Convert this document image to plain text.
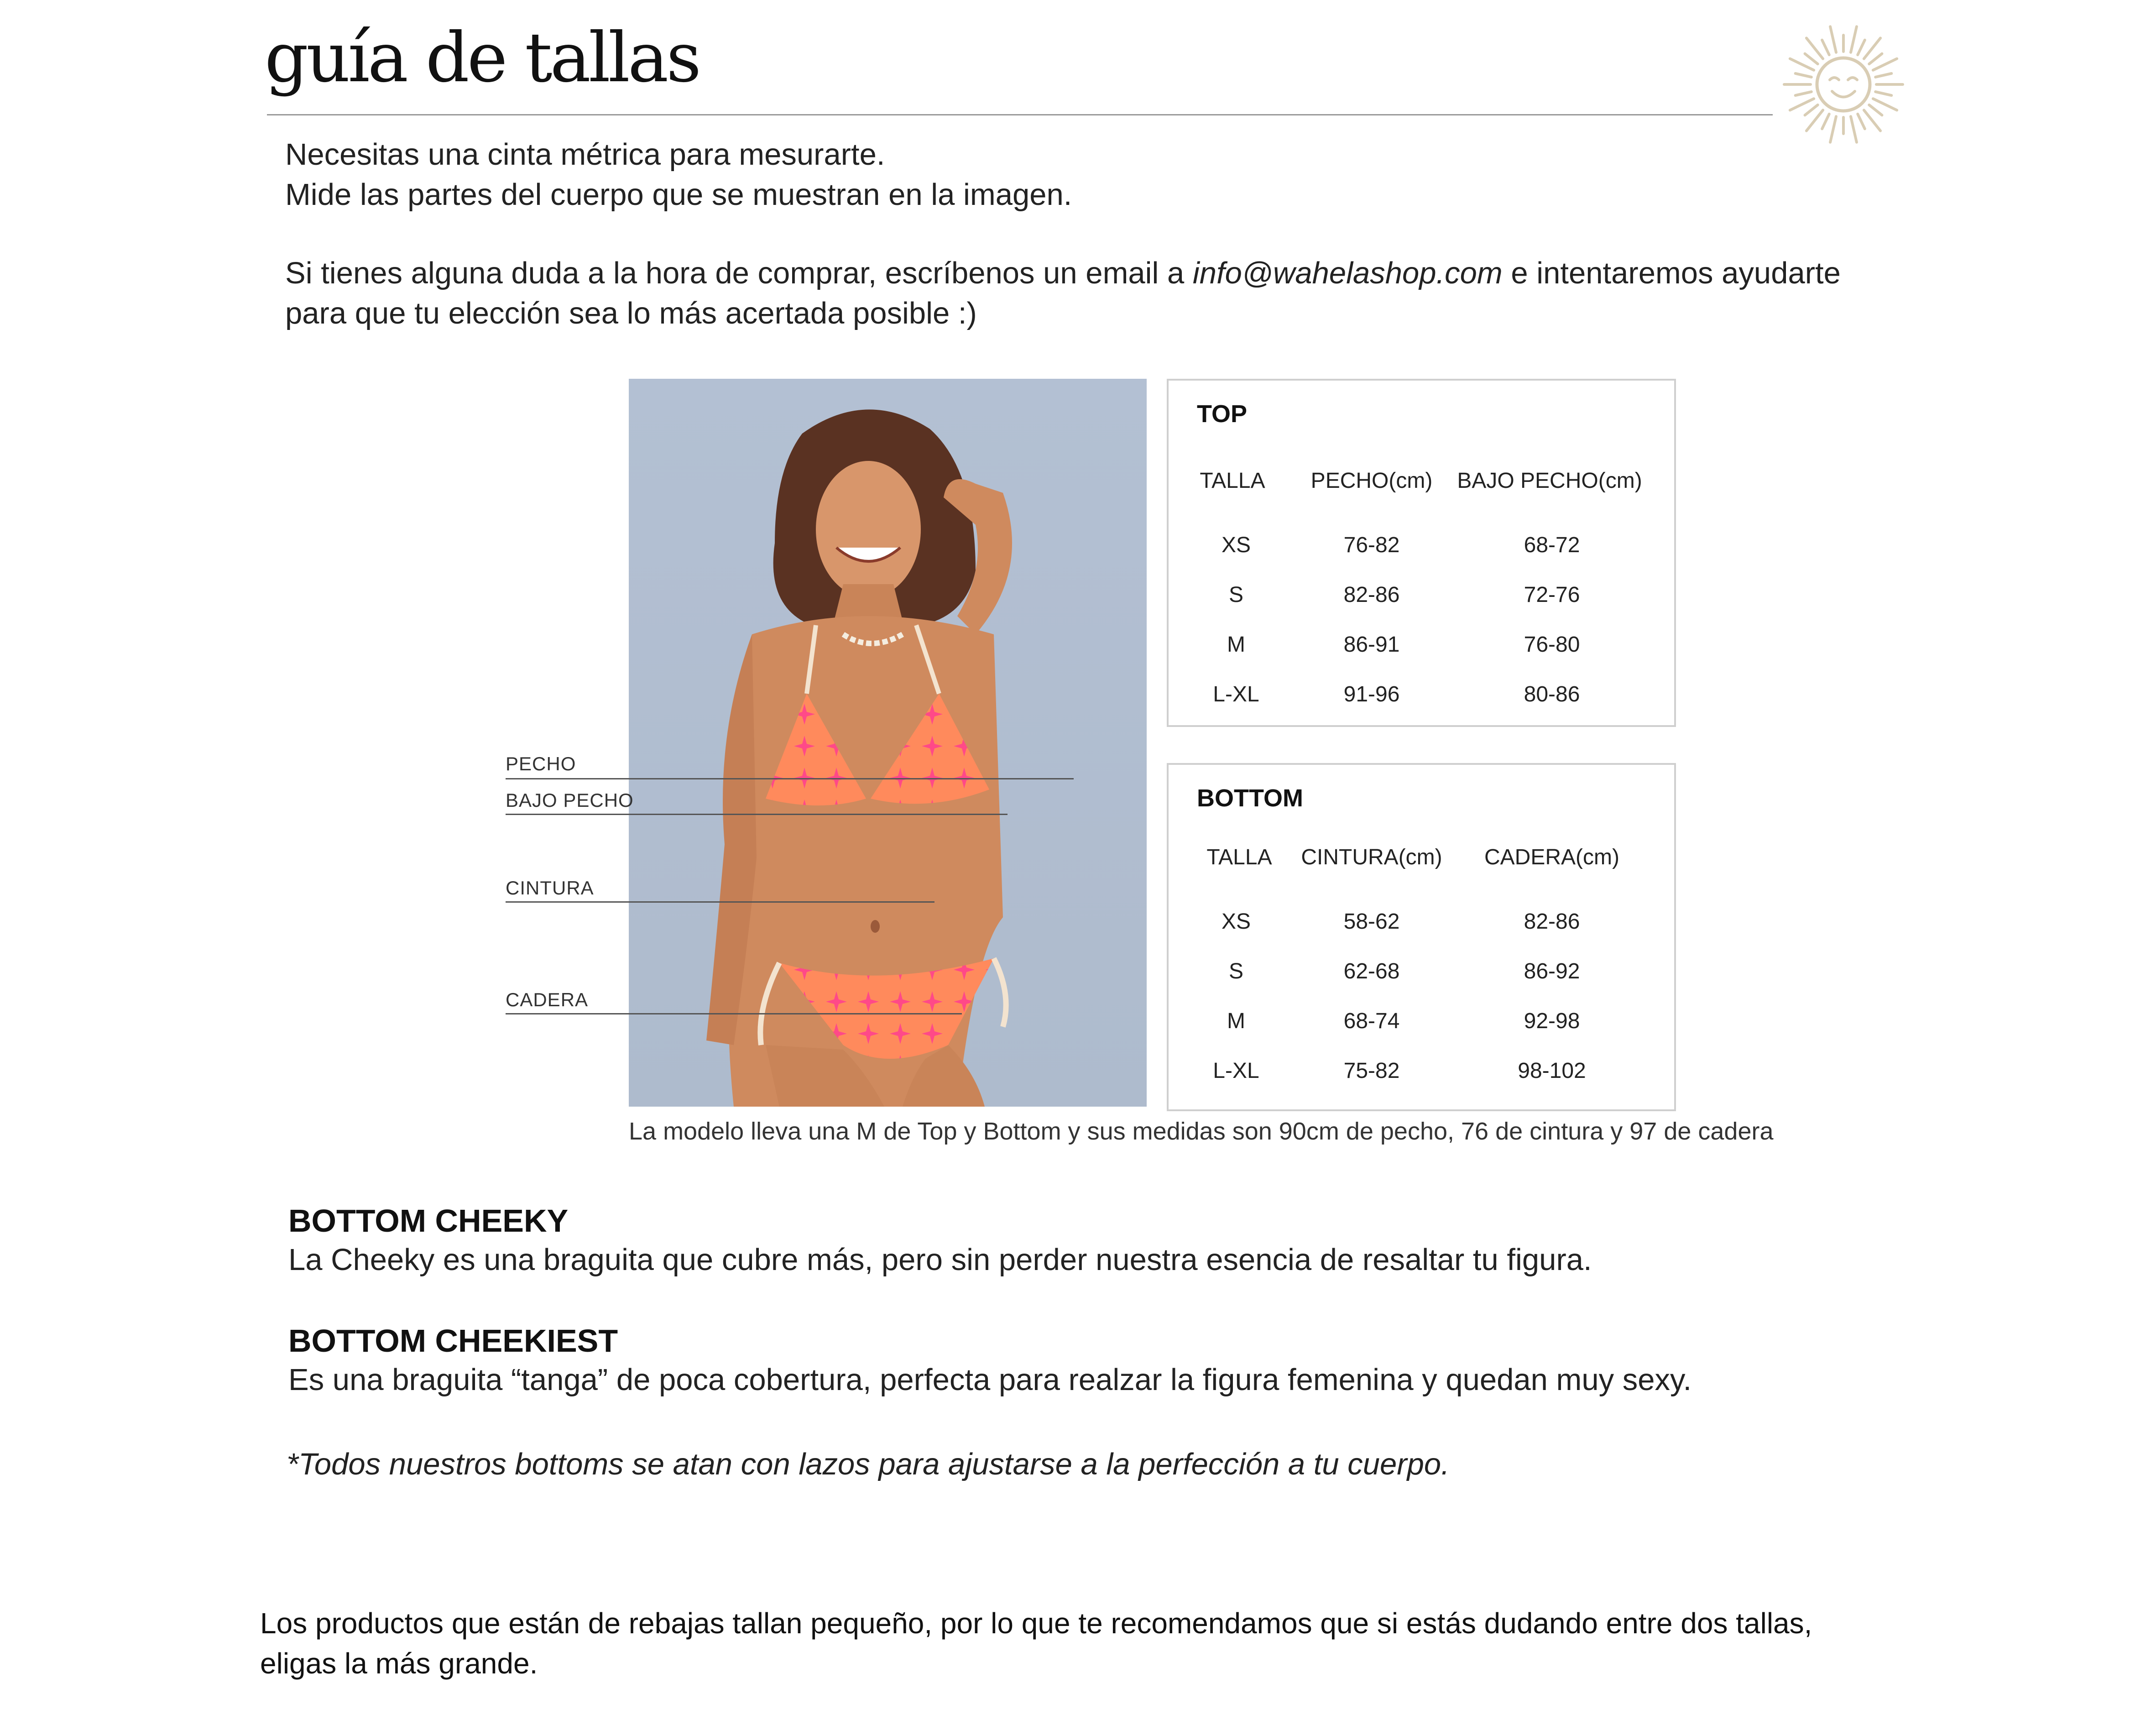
guía de tallas
Necesitas una cinta métrica para mesurarte.
Mide las partes del cuerpo que se muestran en la imagen.
Si tienes alguna duda a la hora de comprar, escríbenos un email a info@wahelashop.com e intentaremos ayudarte
para que tu elección sea lo más acertada posible :)
PECHO
BAJO PECHO
CINTURA
CADERA
TOP
TALLA PECHO(cm) BAJO PECHO(cm)
XS	76-82	68-72
S	82-86	72-76
M	86-91	76-80
L-XL	91-96	80-86
BOTTOM
TALLA CINTURA(cm) CADERA(cm)
XS	58-62	82-86
S	62-68	86-92
M	68-74	92-98
L-XL	75-82	98-102
La modelo lleva una M de Top y Bottom y sus medidas son 90cm de pecho, 76 de cintura y 97 de cadera
BOTTOM CHEEKY
La Cheeky es una braguita que cubre más, pero sin perder nuestra esencia de resaltar tu figura.
BOTTOM CHEEKIEST
Es una braguita “tanga” de poca cobertura, perfecta para realzar la figura femenina y quedan muy sexy.
*Todos nuestros bottoms se atan con lazos para ajustarse a la perfección a tu cuerpo.
Los productos que están de rebajas tallan pequeño, por lo que te recomendamos que si estás dudando entre dos tallas,
eligas la más grande.
